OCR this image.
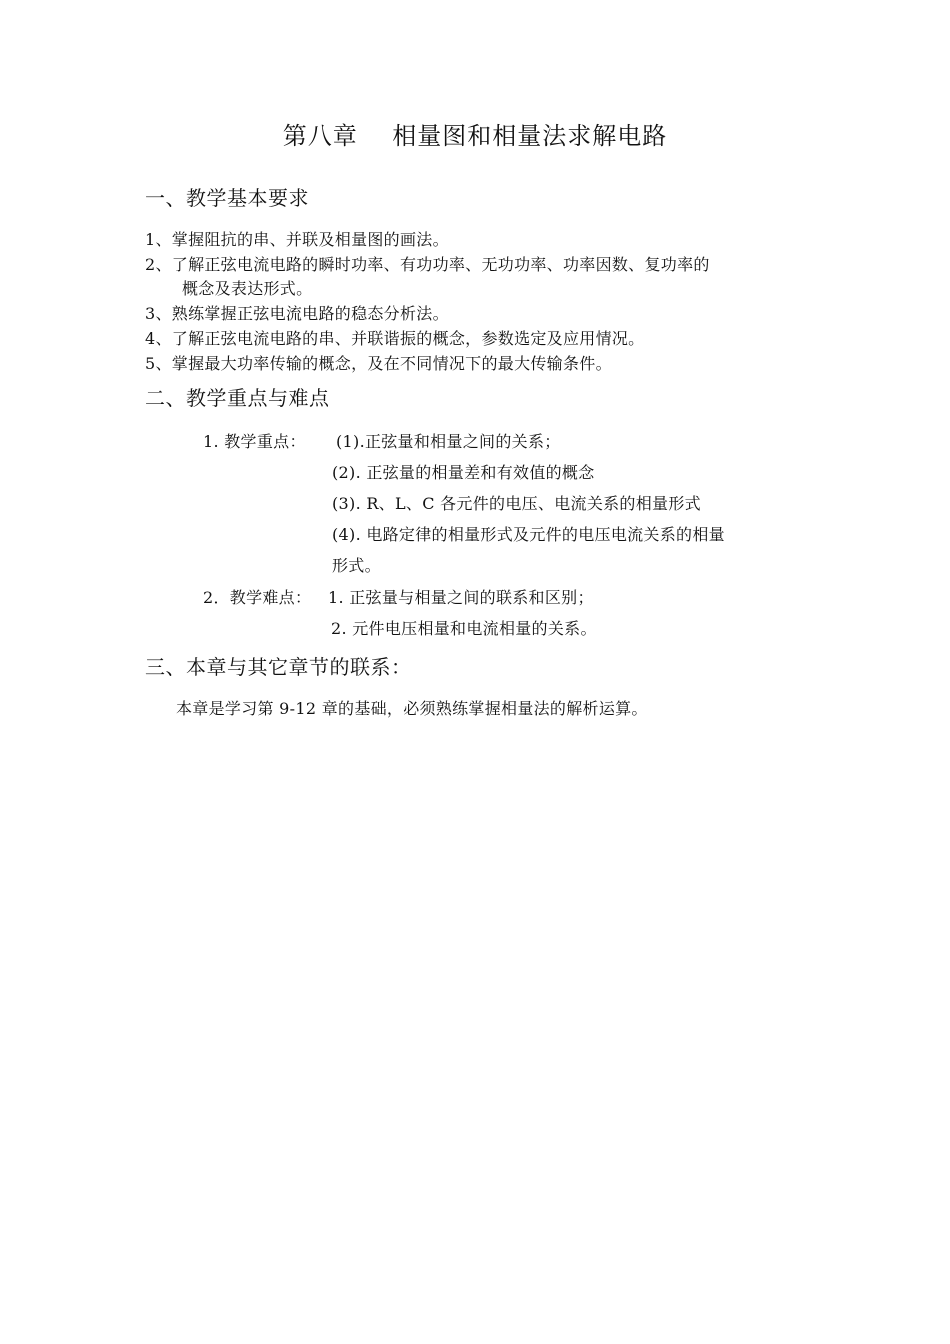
第八章    相量图和相量法求解电路
一、教学基本要求
1、掌握阻抗的串、并联及相量图的画法。
2、了解正弦电流电路的瞬时功率、有功功率、无功功率、功率因数、复功率的
概念及表达形式。
3、熟练掌握正弦电流电路的稳态分析法。
4、了解正弦电流电路的串、并联谐振的概念，参数选定及应用情况。
5、掌握最大功率传输的概念，及在不同情况下的最大传输条件。
二、教学重点与难点
1. 教学重点： (1).正弦量和相量之间的关系；
(2). 正弦量的相量差和有效值的概念
(3). R、L、C 各元件的电压、电流关系的相量形式
(4). 电路定律的相量形式及元件的电压电流关系的相量
形式。
2．教学难点： 1. 正弦量与相量之间的联系和区别；
2. 元件电压相量和电流相量的关系。
三、本章与其它章节的联系：
本章是学习第 9-12 章的基础，必须熟练掌握相量法的解析运算。
